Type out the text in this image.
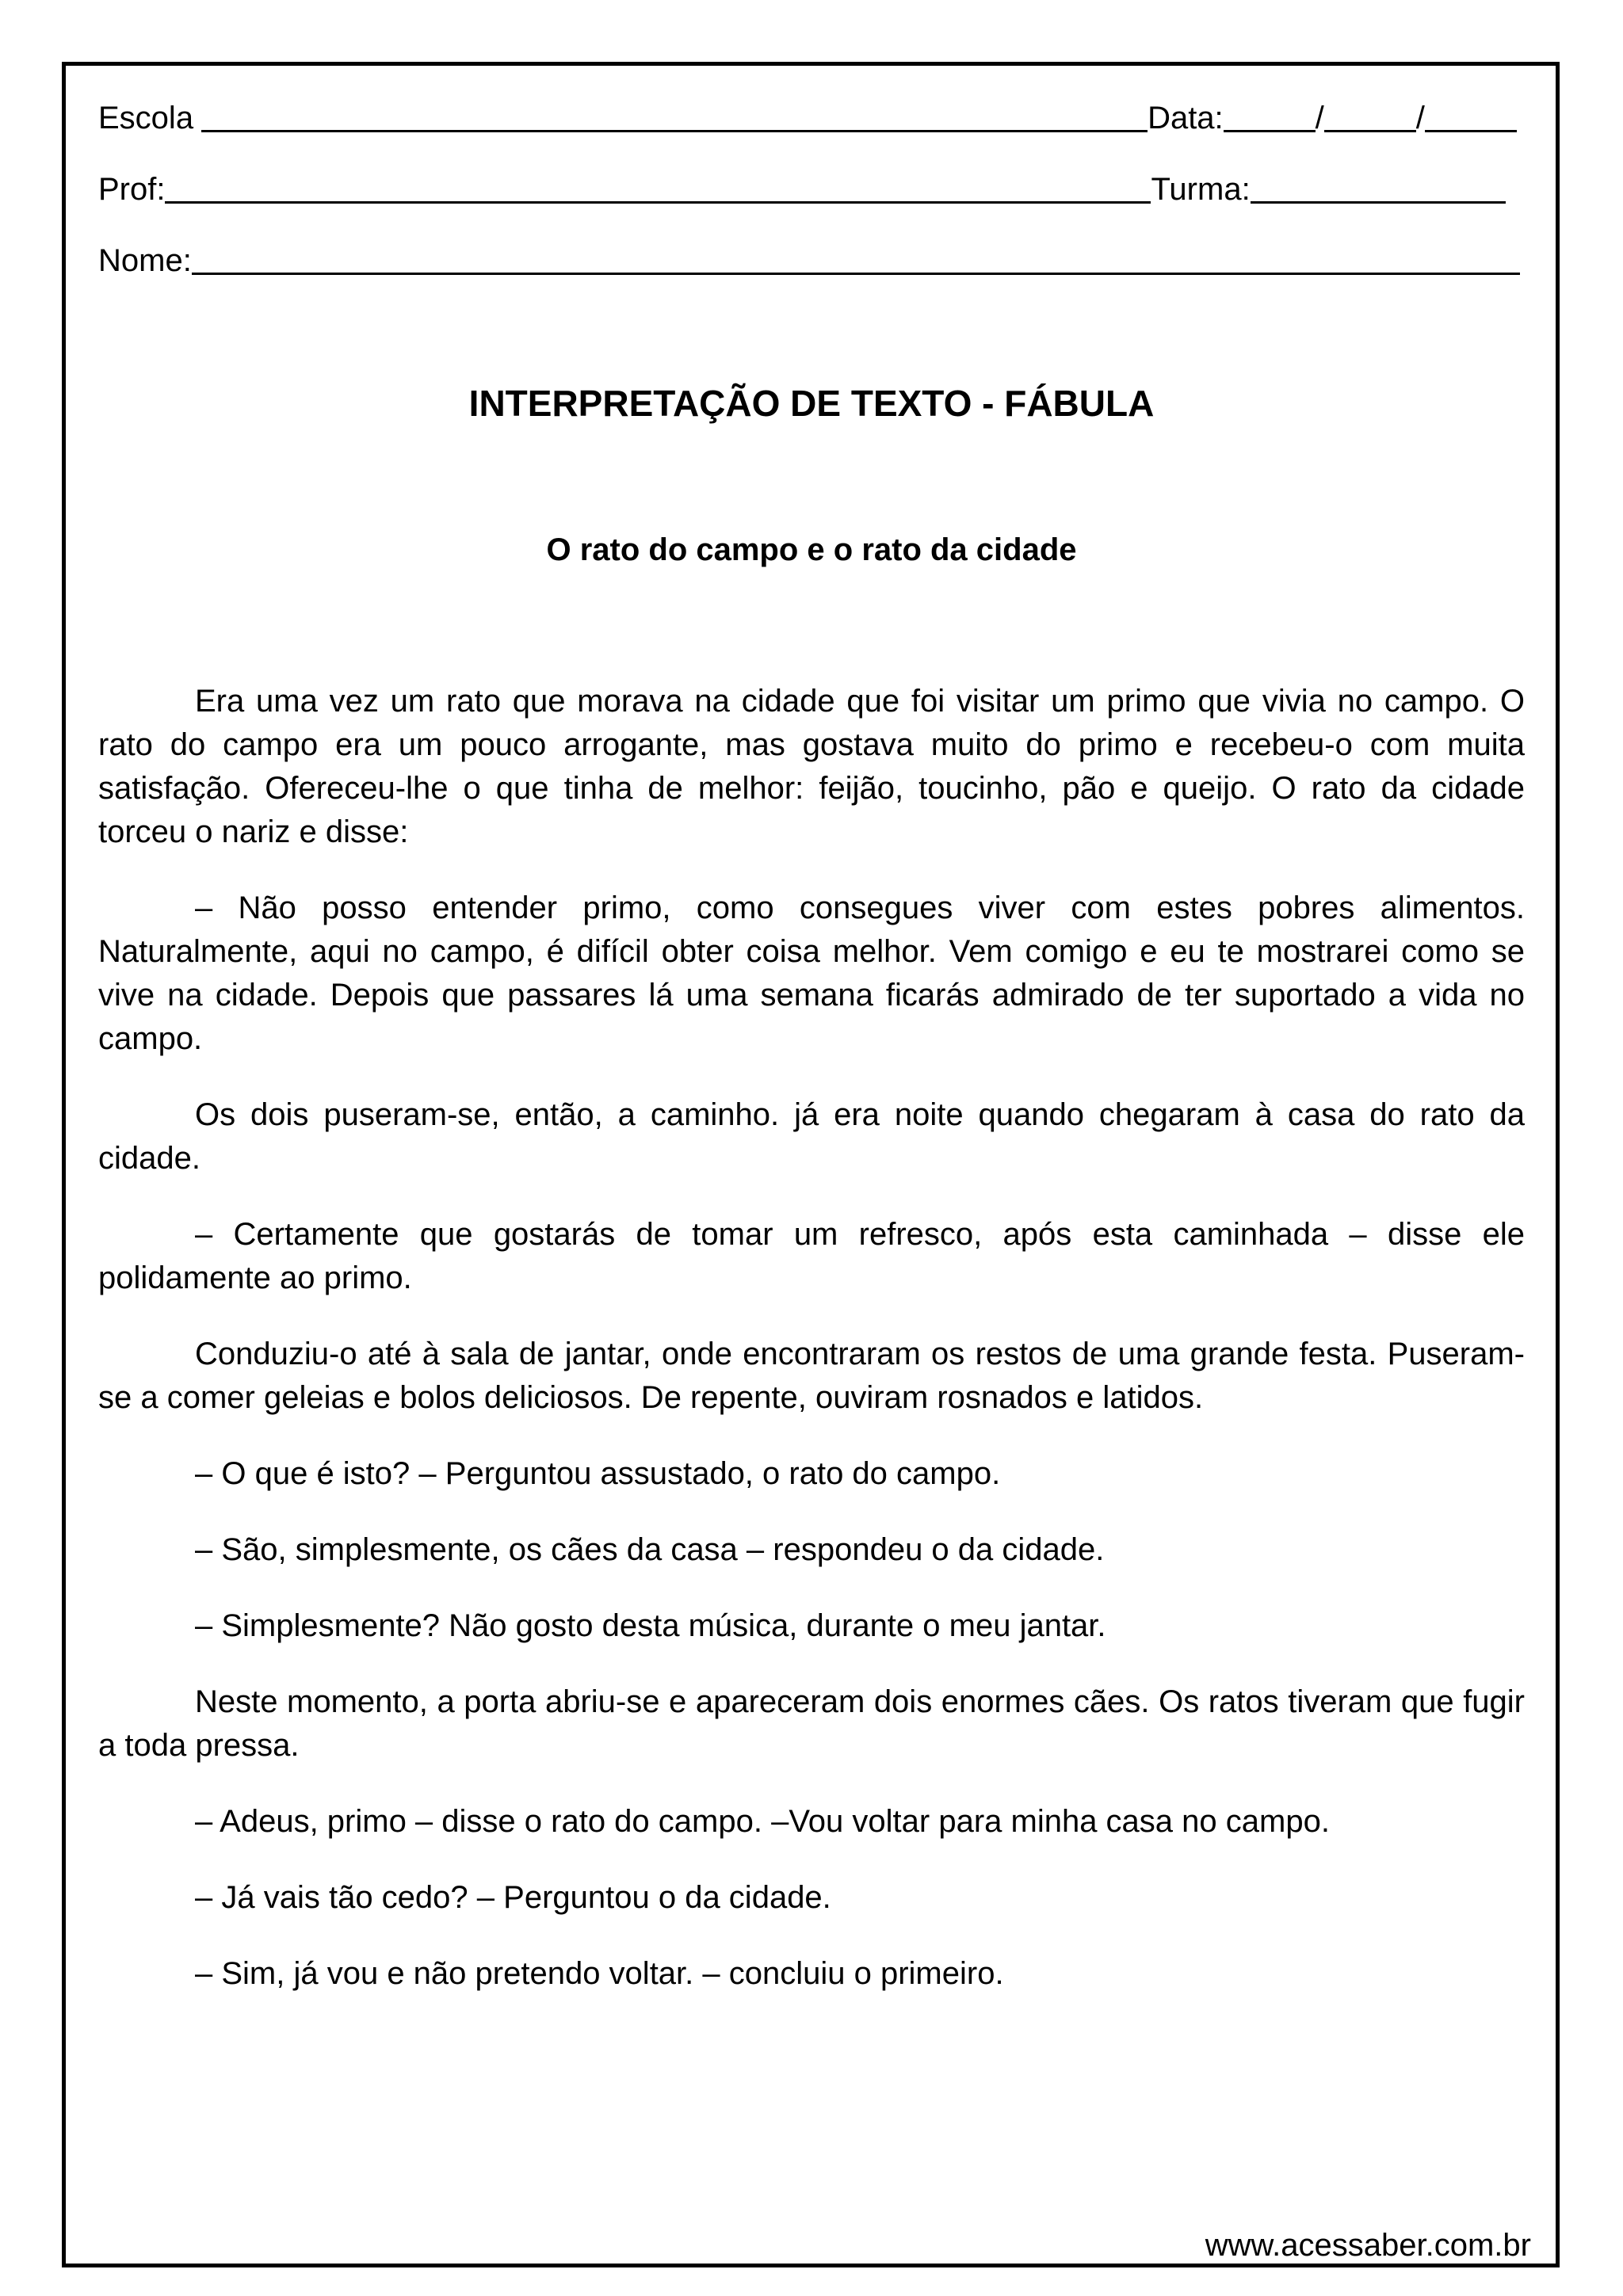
Escola	Data:	/	/
Prof:	Turma:
Nome:
INTERPRETAÇÃO DE TEXTO - FÁBULA
O rato do campo e o rato da cidade

Era uma vez um rato que morava na cidade que foi visitar um primo que vivia no campo. O rato do campo era um pouco arrogante, mas gostava muito do primo e recebeu-o com muita satisfação. Ofereceu-lhe o que tinha de melhor: feijão, toucinho, pão e queijo. O rato da cidade torceu o nariz e disse:

– Não posso entender primo, como consegues viver com estes pobres alimentos. Naturalmente, aqui no campo, é difícil obter coisa melhor. Vem comigo e eu te mostrarei como se vive na cidade. Depois que passares lá uma semana ficarás admirado de ter suportado a vida no campo.

Os dois puseram-se, então, a caminho. já era noite quando chegaram à casa do rato da cidade.

– Certamente que gostarás de tomar um refresco, após esta caminhada – disse ele polidamente ao primo.

Conduziu-o até à sala de jantar, onde encontraram os restos de uma grande festa. Puseram-se a comer geleias e bolos deliciosos. De repente, ouviram rosnados e latidos.

– O que é isto? – Perguntou assustado, o rato do campo.

– São, simplesmente, os cães da casa – respondeu o da cidade.

– Simplesmente? Não gosto desta música, durante o meu jantar.

Neste momento, a porta abriu-se e apareceram dois enormes cães. Os ratos tiveram que fugir a toda pressa.

– Adeus, primo – disse o rato do campo. –Vou voltar para minha casa no campo.

– Já vais tão cedo? – Perguntou o da cidade.

– Sim, já vou e não pretendo voltar. – concluiu o primeiro.

www.acessaber.com.br
